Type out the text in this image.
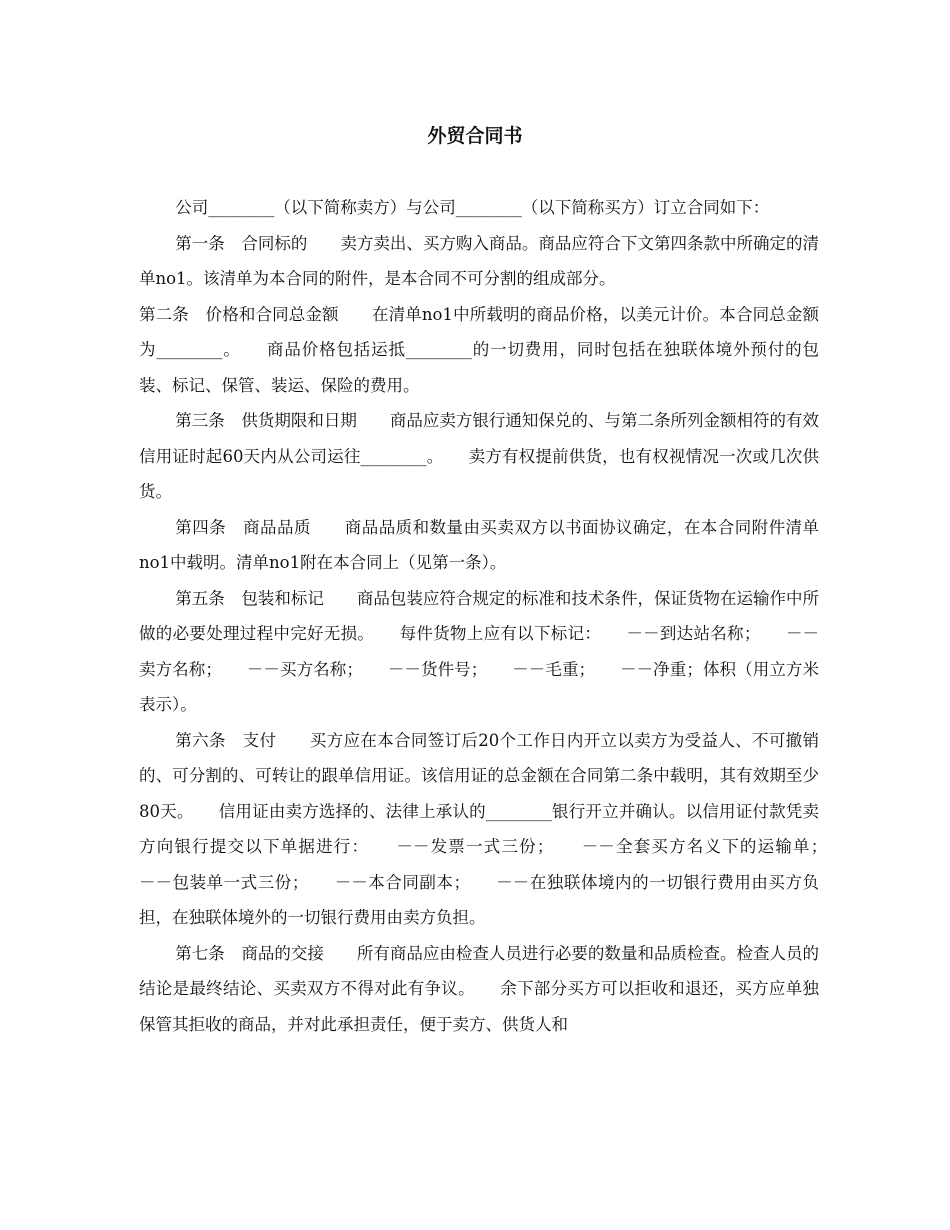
外贸合同书

公司________（以下简称卖方）与公司________（以下简称买方）订立合同如下：

第一条　合同标的　　卖方卖出、买方购入商品。商品应符合下文第四条款中所确定的清单no1。该清单为本合同的附件，是本合同不可分割的组成部分。

第二条　价格和合同总金额　　在清单no1中所载明的商品价格，以美元计价。本合同总金额为________。　　商品价格包括运抵________的一切费用，同时包括在独联体境外预付的包装、标记、保管、装运、保险的费用。

第三条　供货期限和日期　　商品应卖方银行通知保兑的、与第二条所列金额相符的有效信用证时起60天内从公司运往________。　　卖方有权提前供货，也有权视情况一次或几次供货。

第四条　商品品质　　商品品质和数量由买卖双方以书面协议确定，在本合同附件清单no1中载明。清单no1附在本合同上（见第一条）。

第五条　包装和标记　　商品包装应符合规定的标准和技术条件，保证货物在运输作中所做的必要处理过程中完好无损。　　每件货物上应有以下标记：　　－－到达站名称；　　－－卖方名称；　　－－买方名称；　　－－货件号；　　－－毛重；　　－－净重；体积（用立方米表示）。

第六条　支付　　买方应在本合同签订后20个工作日内开立以卖方为受益人、不可撤销的、可分割的、可转让的跟单信用证。该信用证的总金额在合同第二条中载明，其有效期至少80天。　　信用证由卖方选择的、法律上承认的________银行开立并确认。以信用证付款凭卖方向银行提交以下单据进行：　　－－发票一式三份；　　－－全套买方名义下的运输单；　　－－包装单一式三份；　　－－本合同副本；　　－－在独联体境内的一切银行费用由买方负担，在独联体境外的一切银行费用由卖方负担。

第七条　商品的交接　　所有商品应由检查人员进行必要的数量和品质检查。检查人员的结论是最终结论、买卖双方不得对此有争议。　　余下部分买方可以拒收和退还，买方应单独保管其拒收的商品，并对此承担责任，便于卖方、供货人和
